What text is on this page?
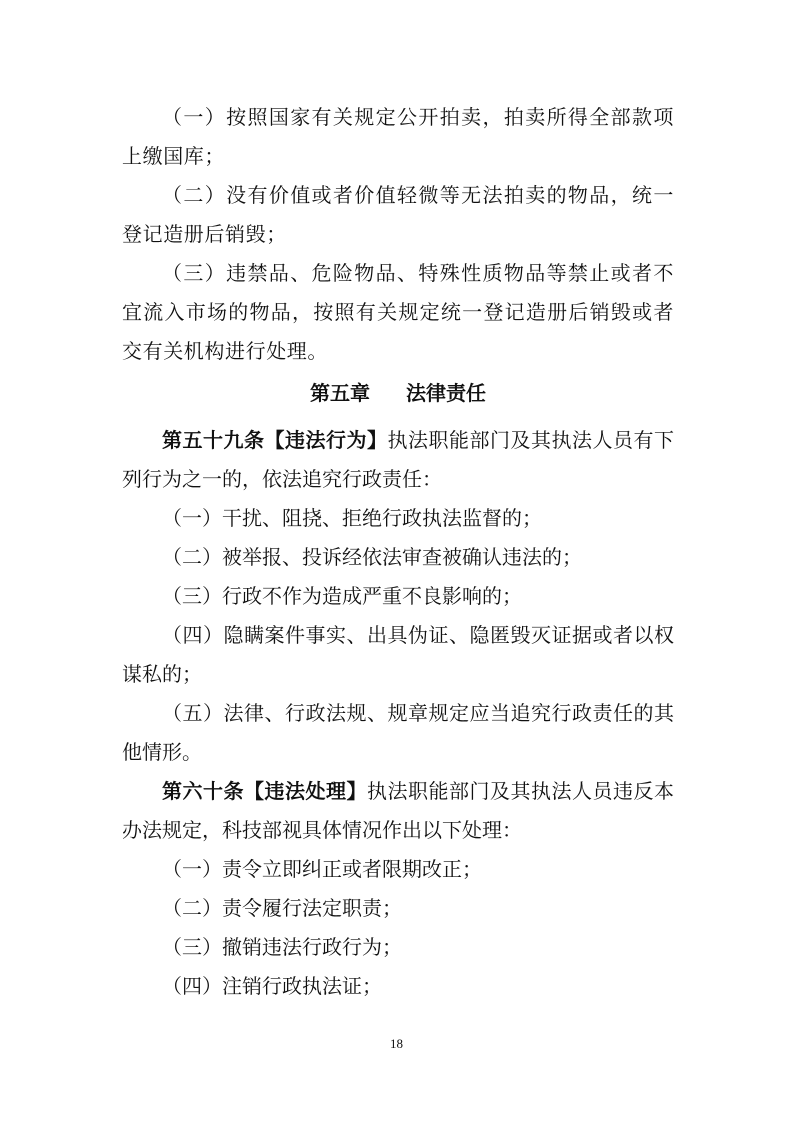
（一）按照国家有关规定公开拍卖，拍卖所得全部款项上缴国库；

（二）没有价值或者价值轻微等无法拍卖的物品，统一登记造册后销毁；

（三）违禁品、危险物品、特殊性质物品等禁止或者不宜流入市场的物品，按照有关规定统一登记造册后销毁或者交有关机构进行处理。

第五章 法律责任

第五十九条【违法行为】执法职能部门及其执法人员有下列行为之一的，依法追究行政责任：

（一）干扰、阻挠、拒绝行政执法监督的；

（二）被举报、投诉经依法审查被确认违法的；

（三）行政不作为造成严重不良影响的；

（四）隐瞒案件事实、出具伪证、隐匿毁灭证据或者以权谋私的；

（五）法律、行政法规、规章规定应当追究行政责任的其他情形。

第六十条【违法处理】执法职能部门及其执法人员违反本办法规定，科技部视具体情况作出以下处理：

（一）责令立即纠正或者限期改正；

（二）责令履行法定职责；

（三）撤销违法行政行为；

（四）注销行政执法证；

18
